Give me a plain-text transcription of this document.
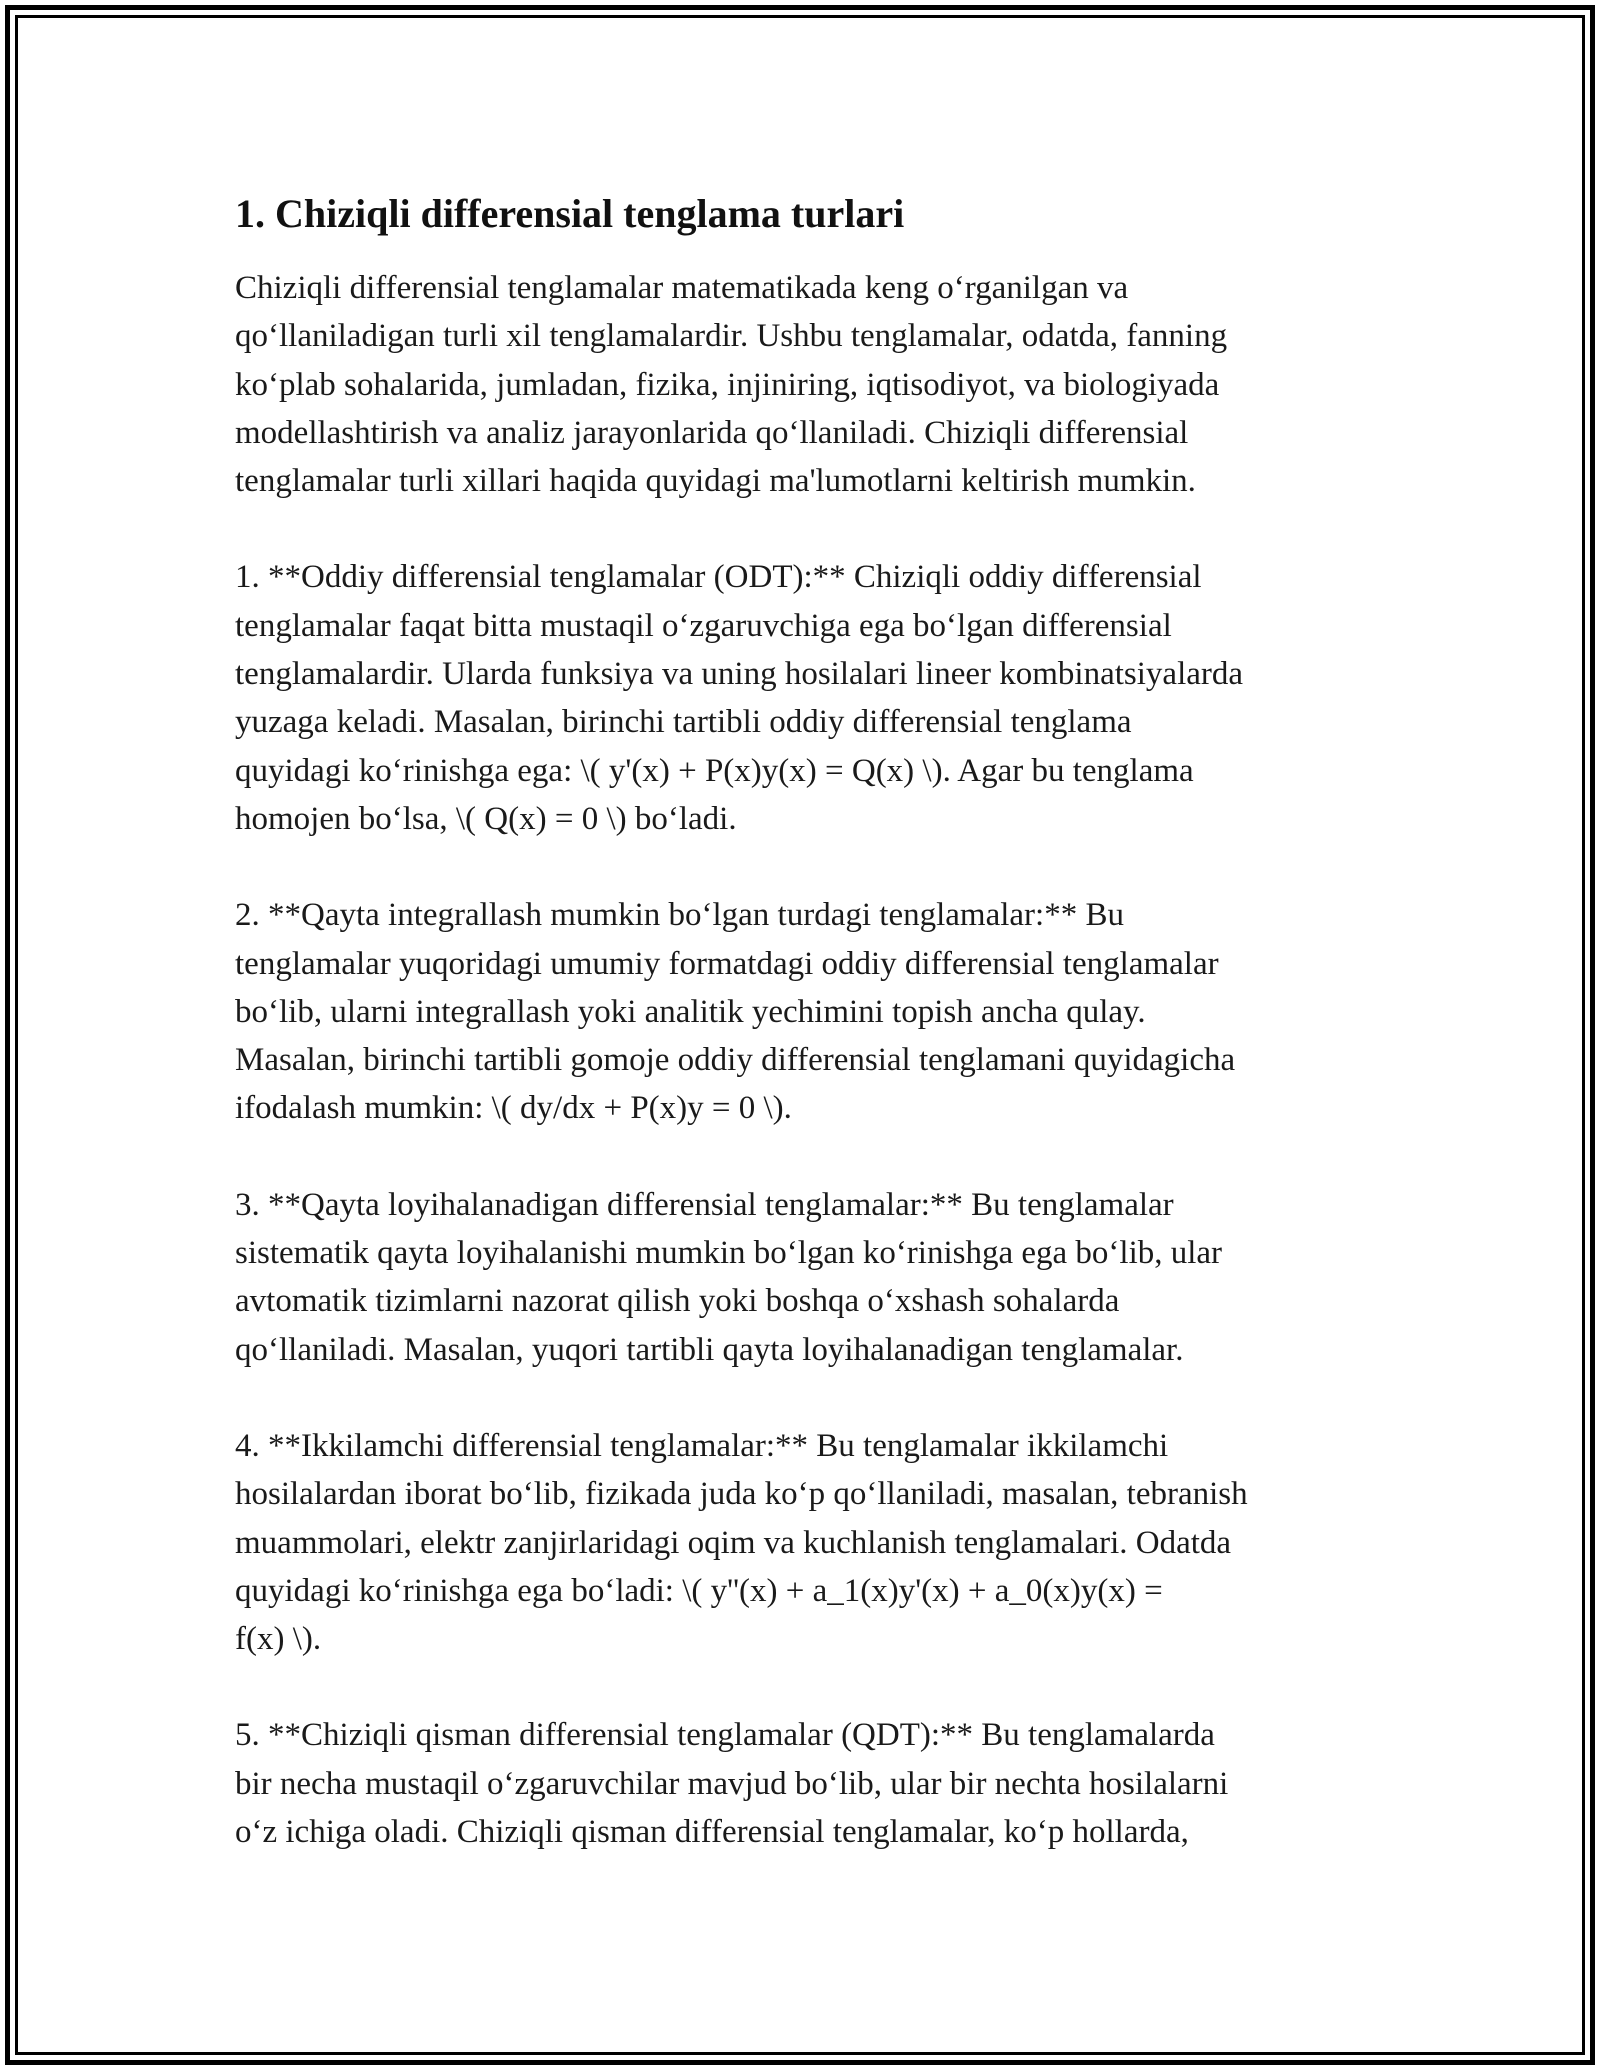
1. Chiziqli differensial tenglama turlari

Chiziqli differensial tenglamalar matematikada keng o‘rganilgan va
qo‘llaniladigan turli xil tenglamalardir. Ushbu tenglamalar, odatda, fanning
ko‘plab sohalarida, jumladan, fizika, injiniring, iqtisodiyot, va biologiyada
modellashtirish va analiz jarayonlarida qo‘llaniladi. Chiziqli differensial
tenglamalar turli xillari haqida quyidagi ma'lumotlarni keltirish mumkin.

1. **Oddiy differensial tenglamalar (ODT):** Chiziqli oddiy differensial
tenglamalar faqat bitta mustaqil o‘zgaruvchiga ega bo‘lgan differensial
tenglamalardir. Ularda funksiya va uning hosilalari lineer kombinatsiyalarda
yuzaga keladi. Masalan, birinchi tartibli oddiy differensial tenglama
quyidagi ko‘rinishga ega: \( y'(x) + P(x)y(x) = Q(x) \). Agar bu tenglama
homojen bo‘lsa, \( Q(x) = 0 \) bo‘ladi.

2. **Qayta integrallash mumkin bo‘lgan turdagi tenglamalar:** Bu
tenglamalar yuqoridagi umumiy formatdagi oddiy differensial tenglamalar
bo‘lib, ularni integrallash yoki analitik yechimini topish ancha qulay.
Masalan, birinchi tartibli gomoje oddiy differensial tenglamani quyidagicha
ifodalash mumkin: \( dy/dx + P(x)y = 0 \).

3. **Qayta loyihalanadigan differensial tenglamalar:** Bu tenglamalar
sistematik qayta loyihalanishi mumkin bo‘lgan ko‘rinishga ega bo‘lib, ular
avtomatik tizimlarni nazorat qilish yoki boshqa o‘xshash sohalarda
qo‘llaniladi. Masalan, yuqori tartibli qayta loyihalanadigan tenglamalar.

4. **Ikkilamchi differensial tenglamalar:** Bu tenglamalar ikkilamchi
hosilalardan iborat bo‘lib, fizikada juda ko‘p qo‘llaniladi, masalan, tebranish
muammolari, elektr zanjirlaridagi oqim va kuchlanish tenglamalari. Odatda
quyidagi ko‘rinishga ega bo‘ladi: \( y''(x) + a_1(x)y'(x) + a_0(x)y(x) =
f(x) \).

5. **Chiziqli qisman differensial tenglamalar (QDT):** Bu tenglamalarda
bir necha mustaqil o‘zgaruvchilar mavjud bo‘lib, ular bir nechta hosilalarni
o‘z ichiga oladi. Chiziqli qisman differensial tenglamalar, ko‘p hollarda,
